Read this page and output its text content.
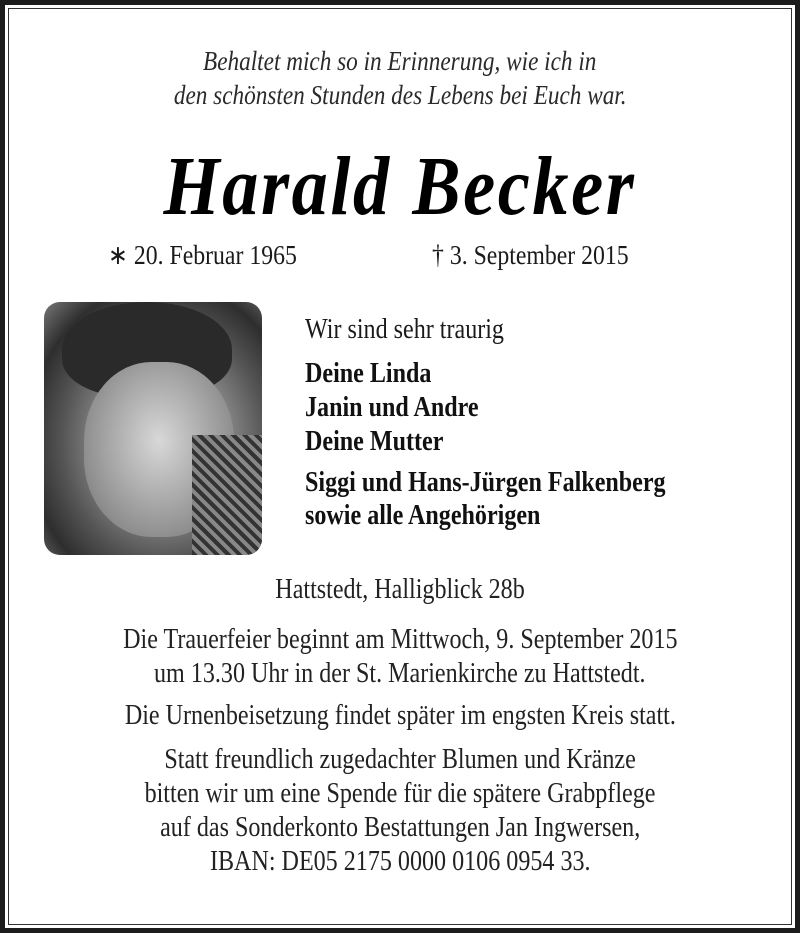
Behaltet mich so in Erinnerung, wie ich in
den schönsten Stunden des Lebens bei Euch war.
Harald Becker
∗ 20. Februar 1965	† 3. September 2015
Wir sind sehr traurig
Deine Linda
Janin und Andre
Deine Mutter
Siggi und Hans-Jürgen Falkenberg
sowie alle Angehörigen
Hattstedt, Halligblick 28b
Die Trauerfeier beginnt am Mittwoch, 9. September 2015
um 13.30 Uhr in der St. Marienkirche zu Hattstedt.
Die Urnenbeisetzung findet später im engsten Kreis statt.
Statt freundlich zugedachter Blumen und Kränze
bitten wir um eine Spende für die spätere Grabpflege
auf das Sonderkonto Bestattungen Jan Ingwersen,
IBAN: DE05 2175 0000 0106 0954 33.
